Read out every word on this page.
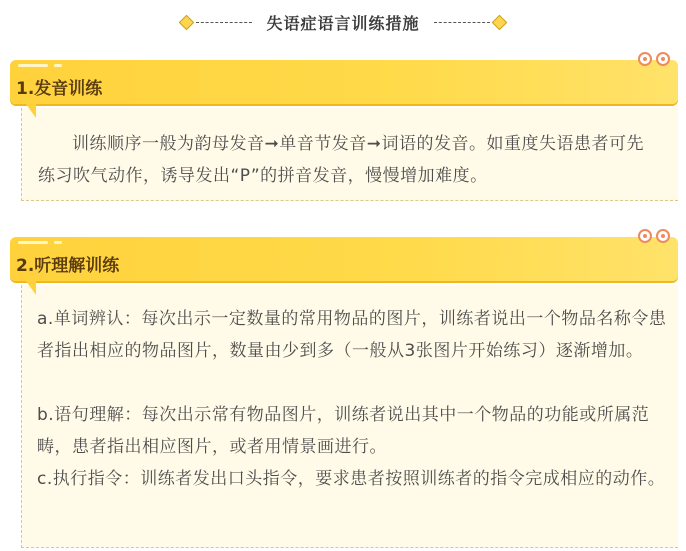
失语症语言训练措施

训练顺序一般为韵母发音➞单音节发音➞词语的发音。如重度失语患者可先练习吹气动作，诱导发出“P”的拼音发音，慢慢增加难度。

1.发音训练

a.单词辨认：每次出示一定数量的常用物品的图片，训练者说出一个物品名称令患者指出相应的物品图片，数量由少到多（一般从3张图片开始练习）逐渐增加。

b.语句理解：每次出示常有物品图片，训练者说出其中一个物品的功能或所属范畴，患者指出相应图片，或者用情景画进行。

c.执行指令：训练者发出口头指令，要求患者按照训练者的指令完成相应的动作。

2.听理解训练
